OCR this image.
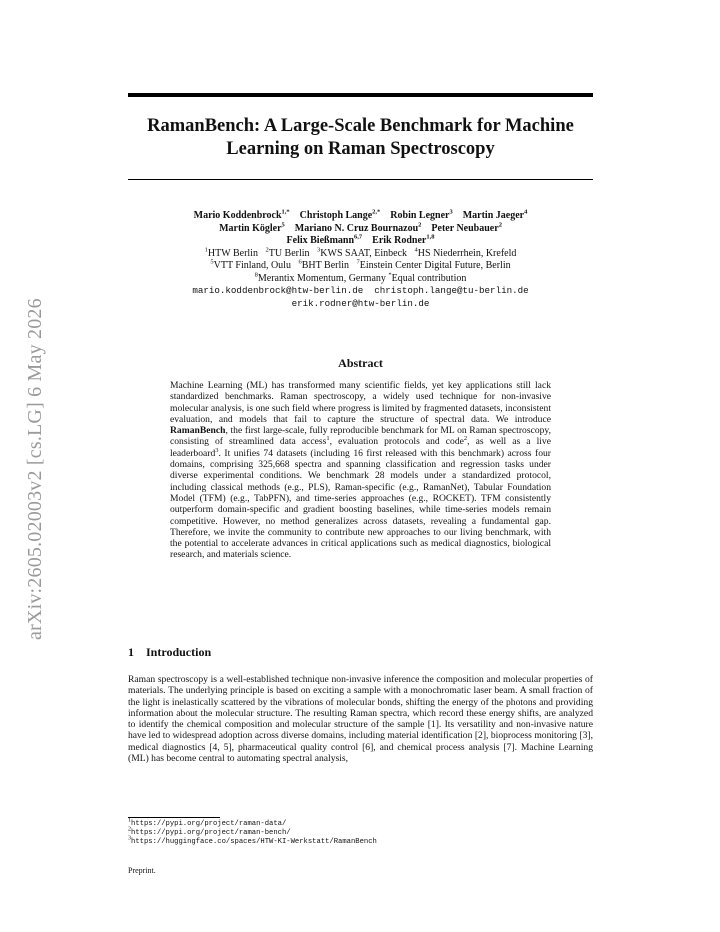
arXiv:2605.02003v2 [cs.LG] 6 May 2026
RamanBench: A Large-Scale Benchmark for Machine
Learning on Raman Spectroscopy
Mario Koddenbrock$^{1,*}$ Christoph Lange$^{2,*}$ Robin Legner$^3$ Martin Jaeger$^4$
Martin Kögler$^5$ Mariano N. Cruz Bournazou$^2$ Peter Neubauer$^2$
Felix Bießmann$^{6,7}$ Erik Rodner$^{1,8}$
$^1$HTW Berlin $^2$TU Berlin $^3$KWS SAAT, Einbeck $^4$HS Niederrhein, Krefeld
$^5$VTT Finland, Oulu $^6$BHT Berlin $^7$Einstein Center Digital Future, Berlin
$^8$Merantix Momentum, Germany *Equal contribution
mario.koddenbrock@htw-berlin.de  christoph.lange@tu-berlin.de
erik.rodner@htw-berlin.de
Abstract
Machine Learning (ML) has transformed many scientific fields, yet key applications still lack standardized benchmarks. Raman spectroscopy, a widely used technique for non-invasive molecular analysis, is one such field where progress is limited by fragmented datasets, inconsistent evaluation, and models that fail to capture the structure of spectral data. We introduce RamanBench, the first large-scale, fully reproducible benchmark for ML on Raman spectroscopy, consisting of streamlined data access$^1$, evaluation protocols and code$^2$, as well as a live leaderboard$^3$. It unifies 74 datasets (including 16 first released with this benchmark) across four domains, comprising 325,668 spectra and spanning classification and regression tasks under diverse experimental conditions. We benchmark 28 models under a standardized protocol, including classical methods (e.g., PLS), Raman-specific (e.g., RamanNet), Tabular Foundation Model (TFM) (e.g., TabPFN), and time-series approaches (e.g., ROCKET). TFM consistently outperform domain-specific and gradient boosting baselines, while time-series models remain competitive. However, no method generalizes across datasets, revealing a fundamental gap. Therefore, we invite the community to contribute new approaches to our living benchmark, with the potential to accelerate advances in critical applications such as medical diagnostics, biological research, and materials science.
1 Introduction
Raman spectroscopy is a well-established technique non-invasive inference the composition and molecular properties of materials. The underlying principle is based on exciting a sample with a monochromatic laser beam. A small fraction of the light is inelastically scattered by the vibrations of molecular bonds, shifting the energy of the photons and providing information about the molecular structure. The resulting Raman spectra, which record these energy shifts, are analyzed to identify the chemical composition and molecular structure of the sample [1]. Its versatility and non-invasive nature have led to widespread adoption across diverse domains, including material identification [2], bioprocess monitoring [3], medical diagnostics [4, 5], pharmaceutical quality control [6], and chemical process analysis [7]. Machine Learning (ML) has become central to automating spectral analysis,
$^1$https://pypi.org/project/raman-data/
$^2$https://pypi.org/project/raman-bench/
$^3$https://huggingface.co/spaces/HTW-KI-Werkstatt/RamanBench
Preprint.
